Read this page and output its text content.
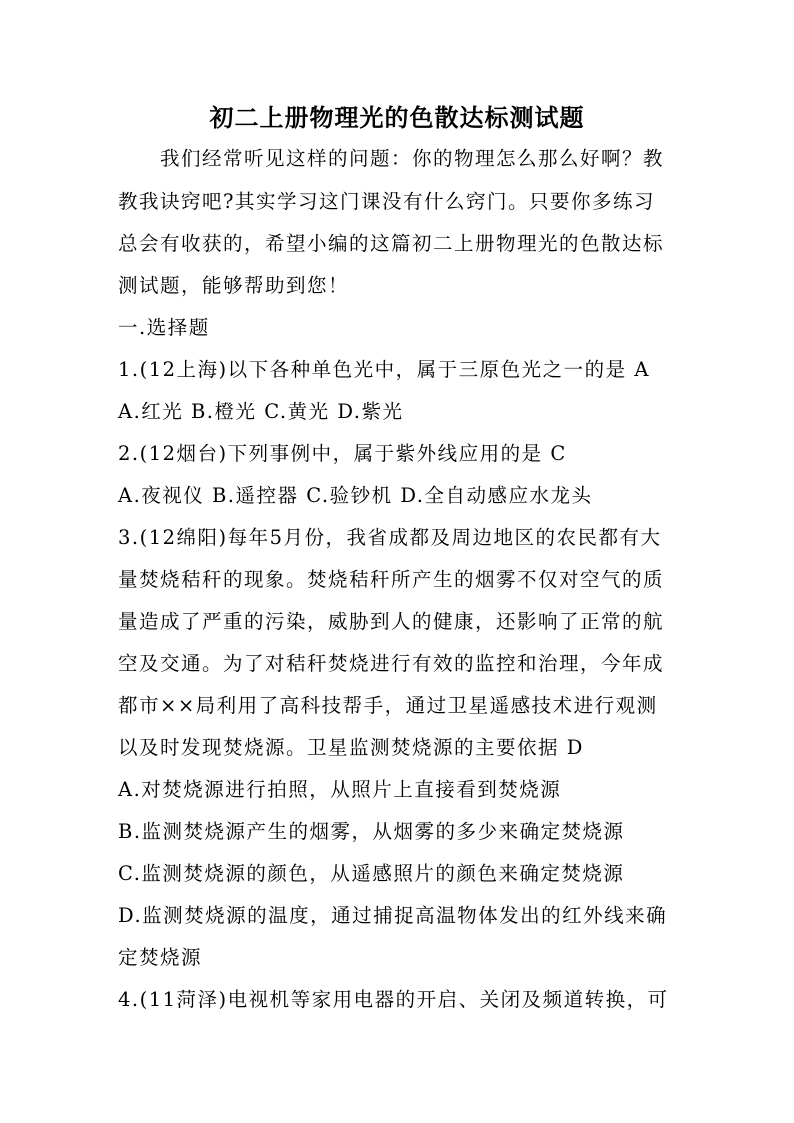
初二上册物理光的色散达标测试题
我们经常听见这样的问题：你的物理怎么那么好啊？教
教我诀窍吧?其实学习这门课没有什么窍门。只要你多练习
总会有收获的，希望小编的这篇初二上册物理光的色散达标
测试题，能够帮助到您！
一.选择题
1.(12上海)以下各种单色光中，属于三原色光之一的是 A
A.红光 B.橙光 C.黄光 D.紫光
2.(12烟台)下列事例中，属于紫外线应用的是 C
A.夜视仪 B.遥控器 C.验钞机 D.全自动感应水龙头
3.(12绵阳)每年5月份，我省成都及周边地区的农民都有大
量焚烧秸秆的现象。焚烧秸秆所产生的烟雾不仅对空气的质
量造成了严重的污染，威胁到人的健康，还影响了正常的航
空及交通。为了对秸秆焚烧进行有效的监控和治理，今年成
都市××局利用了高科技帮手，通过卫星遥感技术进行观测
以及时发现焚烧源。卫星监测焚烧源的主要依据 D
A.对焚烧源进行拍照，从照片上直接看到焚烧源
B.监测焚烧源产生的烟雾，从烟雾的多少来确定焚烧源
C.监测焚烧源的颜色，从遥感照片的颜色来确定焚烧源
D.监测焚烧源的温度，通过捕捉高温物体发出的红外线来确
定焚烧源
4.(11菏泽)电视机等家用电器的开启、关闭及频道转换，可
